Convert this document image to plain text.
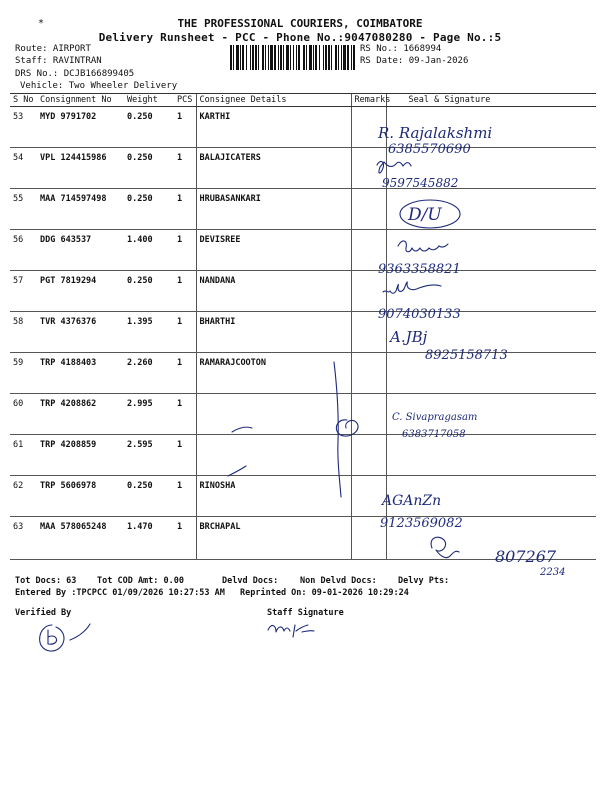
*	THE PROFESSIONAL COURIERS, COIMBATORE
Delivery Runsheet - PCC - Phone No.:9047080280 - Page No.:5
Route: AIRPORT
Staff: RAVINTRAN
DRS No.: DCJB166899405
Vehicle: Two Wheeler Delivery
RS No.: 1668994
RS Date: 09-Jan-2026
S No	Consignment No	Weight	PCS	Consignee Details	Remarks	Seal & Signature
53	MYD 9791702	0.250	1	KARTHI		
54	VPL 124415986	0.250	1	BALAJICATERS		
55	MAA 714597498	0.250	1	HRUBASANKARI		
56	DDG 643537	1.400	1	DEVISREE		
57	PGT 7819294	0.250	1	NANDANA		
58	TVR 4376376	1.395	1	BHARTHI		
59	TRP 4188403	2.260	1	RAMARAJCOOTON		
60	TRP 4208862	2.995	1			
61	TRP 4208859	2.595	1			
62	TRP 5606978	0.250	1	RINOSHA		
63	MAA 578065248	1.470	1	BRCHAPAL		
R. Rajalakshmi
6385570690
9597545882
D/U
9363358821
9074030133
A.JBj
8925158713
C. Sivapragasam
6383717058
AGAnZn
9123569082
807267
2234
Tot Docs: 63 Tot COD Amt: 0.00	Delvd Docs:	Non Delvd Docs: Delvy Pts:
Entered By :TPCPCC 01/09/2026 10:27:53 AM Reprinted On: 09-01-2026 10:29:24
Verified By	Staff Signature
